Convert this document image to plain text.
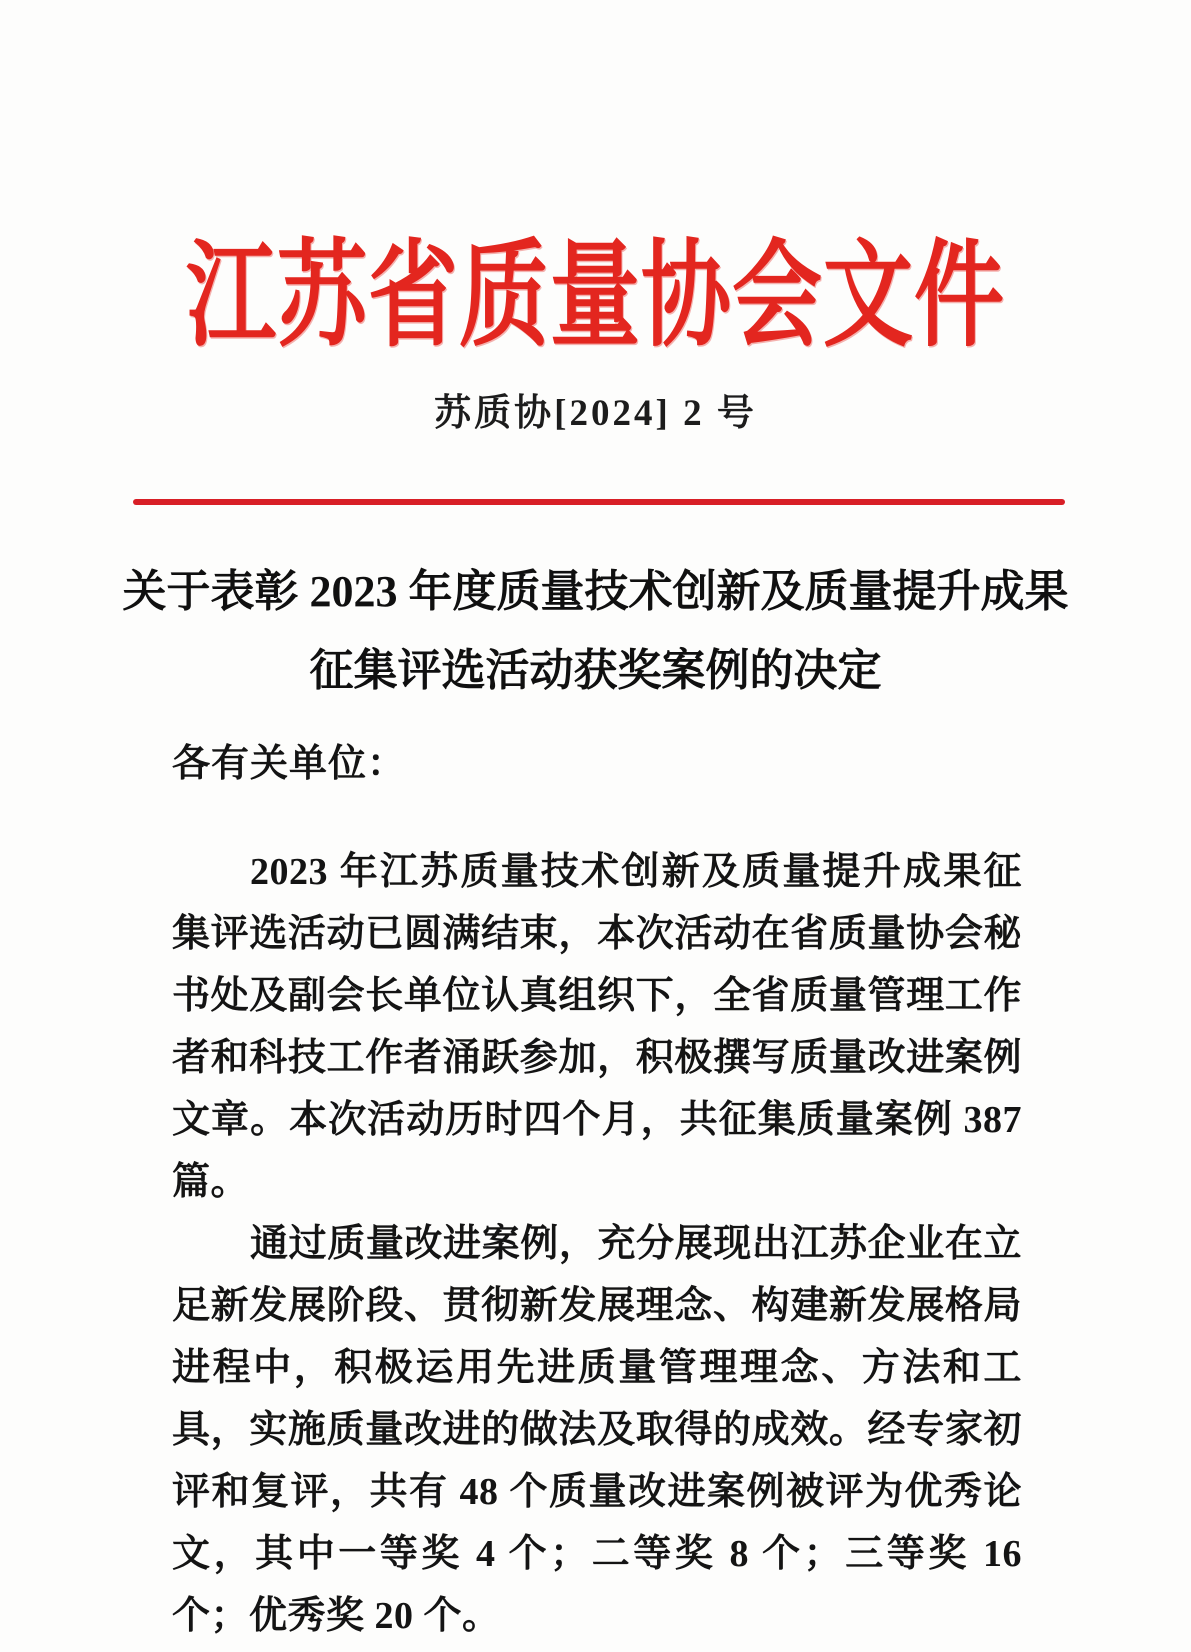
江苏省质量协会文件
苏质协[2024] 2 号
关于表彰 2023 年度质量技术创新及质量提升成果
征集评选活动获奖案例的决定
各有关单位：

2023 年江苏质量技术创新及质量提升成果征集评选活动已圆满结束，本次活动在省质量协会秘书处及副会长单位认真组织下，全省质量管理工作者和科技工作者涌跃参加，积极撰写质量改进案例文章。本次活动历时四个月，共征集质量案例 387 篇。

通过质量改进案例，充分展现出江苏企业在立足新发展阶段、贯彻新发展理念、构建新发展格局进程中，积极运用先进质量管理理念、方法和工具，实施质量改进的做法及取得的成效。经专家初评和复评，共有 48 个质量改进案例被评为优秀论文，其中一等奖 4 个；二等奖 8 个；三等奖 16 个；优秀奖 20 个。
